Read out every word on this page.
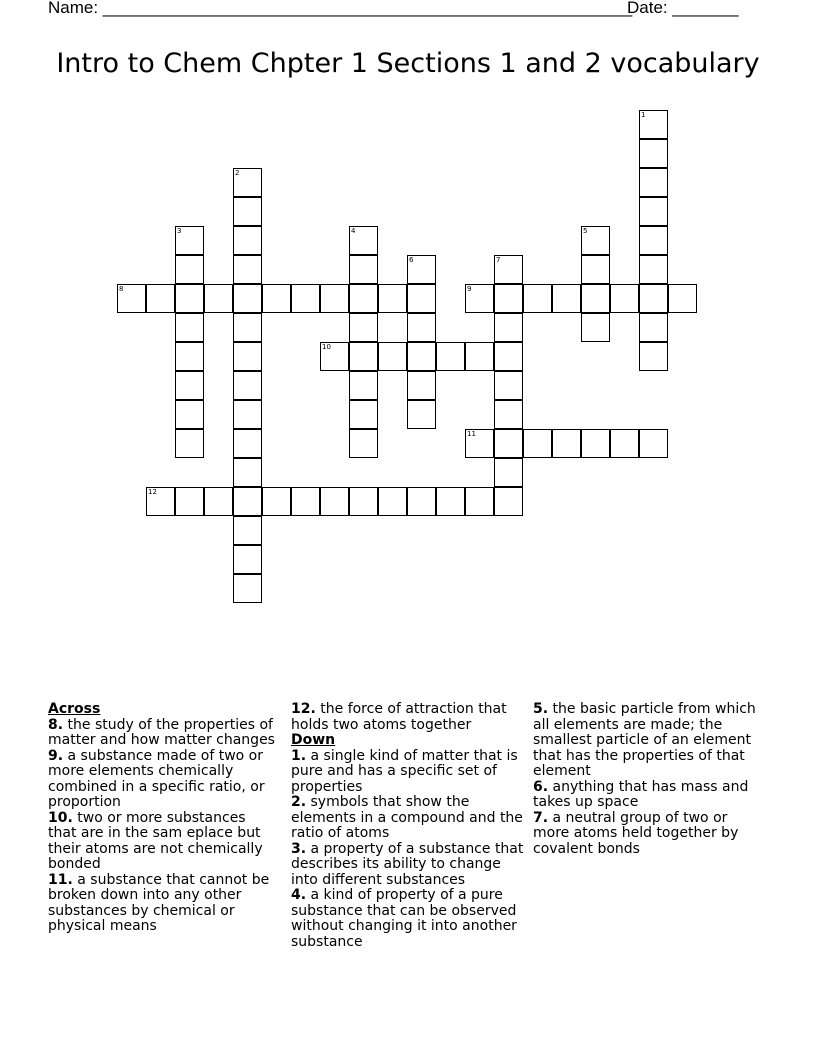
Name: ________________________________________________________
Date: _______
Intro to Chem Chpter 1 Sections 1 and 2 vocabulary
1
2
3	4	5
6	7
8	9
10
11
12

Across

8. the study of the properties of matter and how matter changes

9. a substance made of two or more elements chemically combined in a specific ratio, or proportion

10. two or more substances that are in the sam eplace but their atoms are not chemically bonded

11. a substance that cannot be broken down into any other substances by chemical or physical means

12. the force of attraction that holds two atoms together

Down

1. a single kind of matter that is pure and has a specific set of properties

2. symbols that show the elements in a compound and the ratio of atoms

3. a property of a substance that describes its ability to change into different substances

4. a kind of property of a pure substance that can be observed without changing it into another substance

5. the basic particle from which all elements are made; the smallest particle of an element that has the properties of that element

6. anything that has mass and takes up space

7. a neutral group of two or more atoms held together by covalent bonds
